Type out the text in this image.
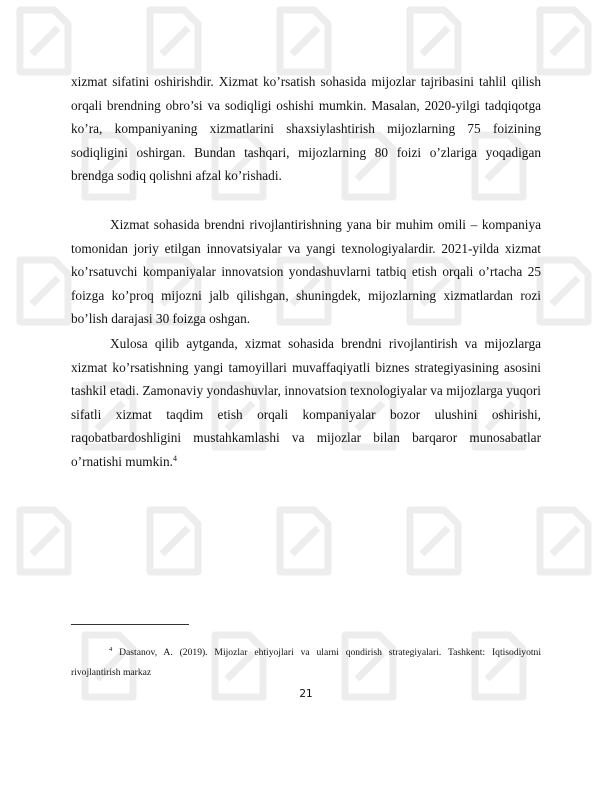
xizmat sifatini oshirishdir. Xizmat ko’rsatish sohasida mijozlar tajribasini tahlil qilish orqali brendning obro’si va sodiqligi oshishi mumkin. Masalan, 2020-yilgi tadqiqotga ko’ra, kompaniyaning xizmatlarini shaxsiylashtirish mijozlarning 75 foizining sodiqligini oshirgan. Bundan tashqari, mijozlarning 80 foizi o’zlariga yoqadigan brendga sodiq qolishni afzal ko’rishadi.

Xizmat sohasida brendni rivojlantirishning yana bir muhim omili – kompaniya tomonidan joriy etilgan innovatsiyalar va yangi texnologiyalardir. 2021-yilda xizmat ko’rsatuvchi kompaniyalar innovatsion yondashuvlarni tatbiq etish orqali o’rtacha 25 foizga ko’proq mijozni jalb qilishgan, shuningdek, mijozlarning xizmatlardan rozi bo’lish darajasi 30 foizga oshgan.

Xulosa qilib aytganda, xizmat sohasida brendni rivojlantirish va mijozlarga xizmat ko’rsatishning yangi tamoyillari muvaffaqiyatli biznes strategiyasining asosini tashkil etadi. Zamonaviy yondashuvlar, innovatsion texnologiyalar va mijozlarga yuqori sifatli xizmat taqdim etish orqali kompaniyalar bozor ulushini oshirishi, raqobatbardoshligini mustahkamlashi va mijozlar bilan barqaror munosabatlar o’rnatishi mumkin.$^4$

$^4$ Dastanov, A. (2019). Mijozlar ehtiyojlari va ularni qondirish strategiyalari. Tashkent: Iqtisodiyotni rivojlantirish markaz

21
